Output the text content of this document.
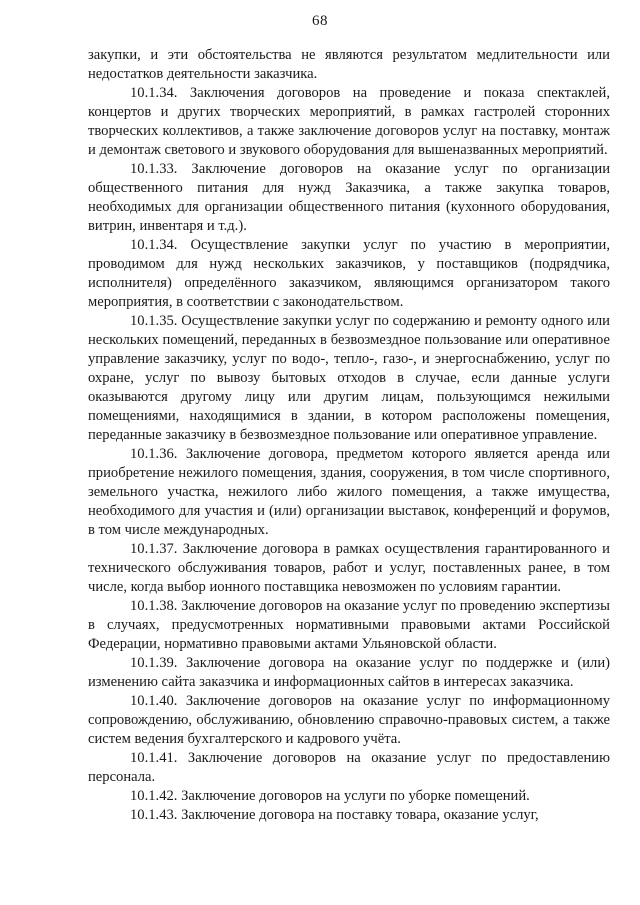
68

закупки, и эти обстоятельства не являются результатом медлительности или недостатков деятельности заказчика.

10.1.34. Заключения договоров на проведение и показа спектаклей, концертов и других творческих мероприятий, в рамках гастролей сторонних творческих коллективов, а также заключение договоров услуг на поставку, монтаж и демонтаж светового и звукового оборудования для вышеназванных мероприятий.

10.1.33. Заключение договоров на оказание услуг по организации общественного питания для нужд Заказчика, а также закупка товаров, необходимых для организации общественного питания (кухонного оборудования, витрин, инвентаря и т.д.).

10.1.34. Осуществление закупки услуг по участию в мероприятии, проводимом для нужд нескольких заказчиков, у поставщиков (подрядчика, исполнителя) определённого заказчиком, являющимся организатором такого мероприятия, в соответствии с законодательством.

10.1.35. Осуществление закупки услуг по содержанию и ремонту одного или нескольких помещений, переданных в безвозмездное пользование или оперативное управление заказчику, услуг по водо-, тепло-, газо-, и энергоснабжению, услуг по охране, услуг по вывозу бытовых отходов в случае, если данные услуги оказываются другому лицу или другим лицам, пользующимся нежилыми помещениями, находящимися в здании, в котором расположены помещения, переданные заказчику в безвозмездное пользование или оперативное управление.

10.1.36. Заключение договора, предметом которого является аренда или приобретение нежилого помещения, здания, сооружения, в том числе спортивного, земельного участка, нежилого либо жилого помещения, а также имущества, необходимого для участия и (или) организации выставок, конференций и форумов, в том числе международных.

10.1.37. Заключение договора в рамках осуществления гарантированного и технического обслуживания товаров, работ и услуг, поставленных ранее, в том числе, когда выбор ионного поставщика невозможен по условиям гарантии.

10.1.38. Заключение договоров на оказание услуг по проведению экспертизы в случаях, предусмотренных нормативными правовыми актами Российской Федерации, нормативно правовыми актами Ульяновской области.

10.1.39. Заключение договора на оказание услуг по поддержке и (или) изменению сайта заказчика и информационных сайтов в интересах заказчика.

10.1.40. Заключение договоров на оказание услуг по информационному сопровождению, обслуживанию, обновлению справочно-правовых систем, а также систем ведения бухгалтерского и кадрового учёта.

10.1.41. Заключение договоров на оказание услуг по предоставлению персонала.

10.1.42. Заключение договоров на услуги по уборке помещений.

10.1.43. Заключение договора на поставку товара, оказание услуг,
